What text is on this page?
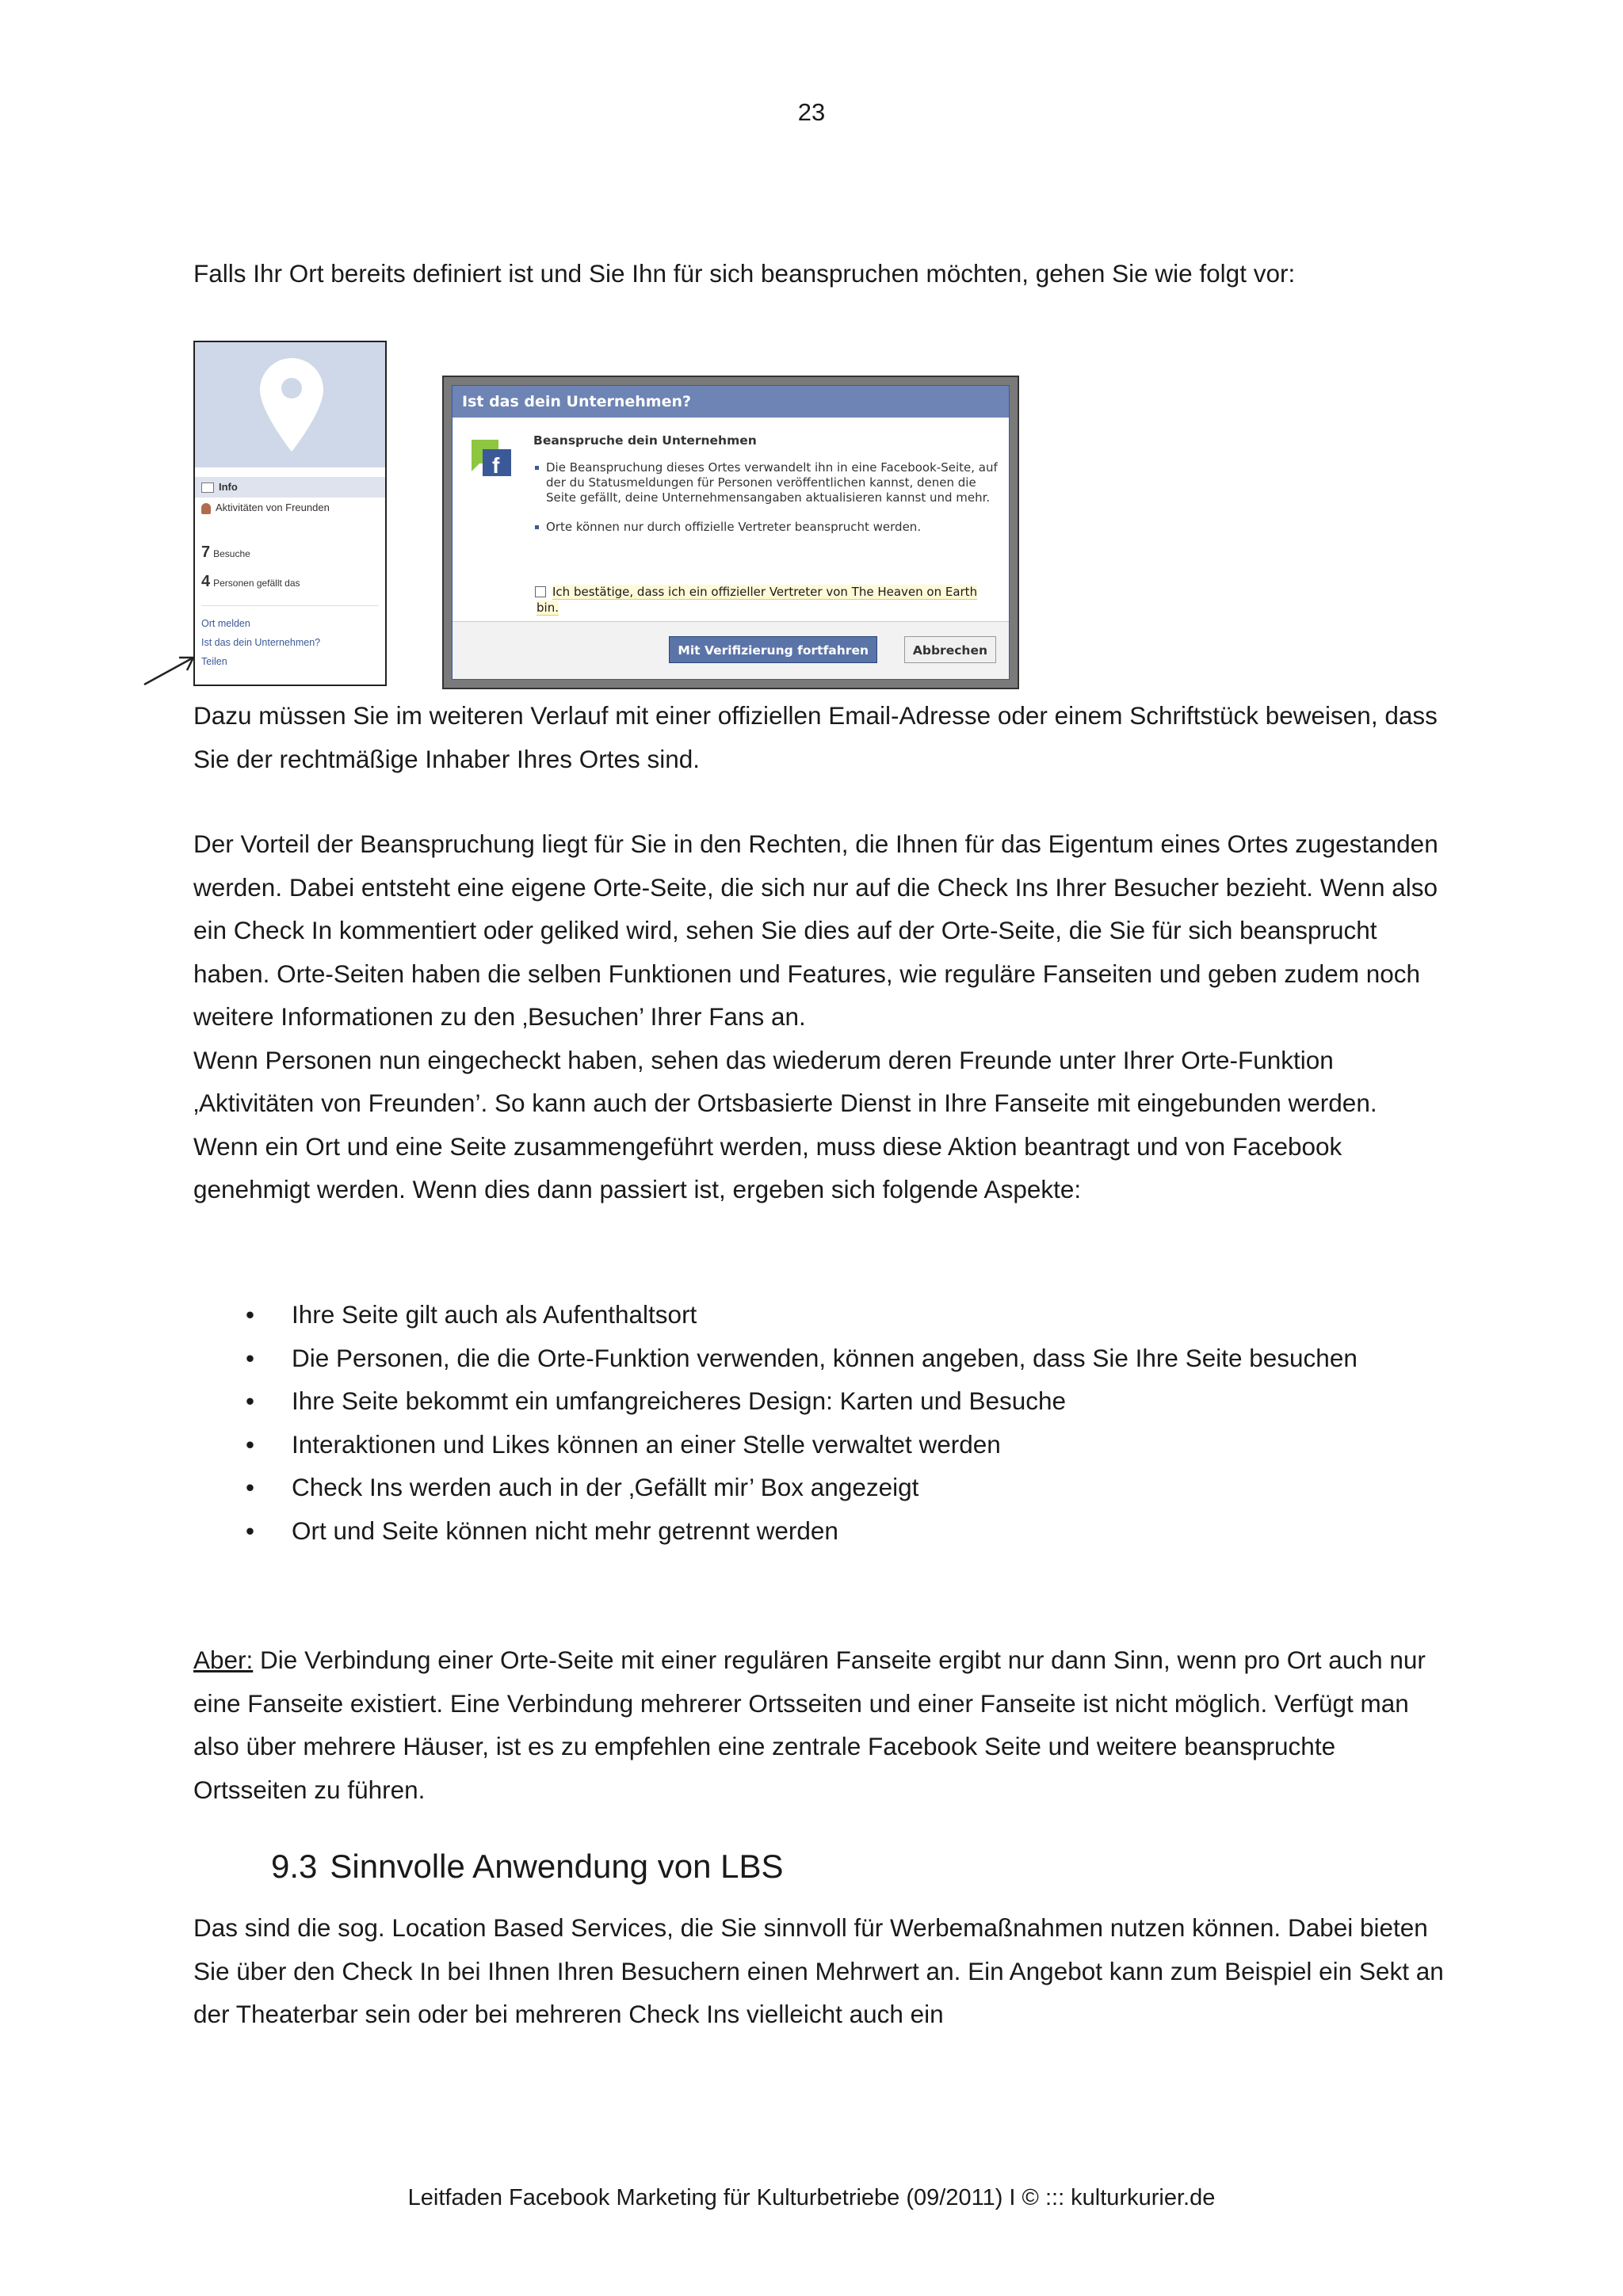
23

Falls Ihr Ort bereits definiert ist und Sie Ihn für sich beanspruchen möchten, gehen Sie wie folgt vor:

Info
Aktivitäten von Freunden
7 Besuche
4 Personen gefällt das
Ort melden
Ist das dein Unternehmen?
Teilen
Ist das dein Unternehmen?
f
Beanspruche dein Unternehmen
Die Beanspruchung dieses Ortes verwandelt ihn in eine Facebook-Seite, auf der du Statusmeldungen für Personen veröffentlichen kannst, denen die Seite gefällt, deine Unternehmensangaben aktualisieren kannst und mehr.
Orte können nur durch offizielle Vertreter beansprucht werden.
Ich bestätige, dass ich ein offizieller Vertreter von The Heaven on Earth bin.
Mit Verifizierung fortfahren	Abbrechen

Dazu müssen Sie im weiteren Verlauf mit einer offiziellen Email-Adresse oder einem Schriftstück beweisen, dass Sie der rechtmäßige Inhaber Ihres Ortes sind.

Der Vorteil der Beanspruchung liegt für Sie in den Rechten, die Ihnen für das Eigentum eines Ortes zugestanden werden. Dabei entsteht eine eigene Orte-Seite, die sich nur auf die Check Ins Ihrer Besucher bezieht. Wenn also ein Check In kommentiert oder geliked wird, sehen Sie dies auf der Orte-Seite, die Sie für sich beansprucht haben. Orte-Seiten haben die selben Funktionen und Features, wie reguläre Fanseiten und geben zudem noch weitere Informationen zu den ‚Besuchen’ Ihrer Fans an.
Wenn Personen nun eingecheckt haben, sehen das wiederum deren Freunde unter Ihrer Orte-Funktion ‚Aktivitäten von Freunden’. So kann auch der Ortsbasierte Dienst in Ihre Fanseite mit eingebunden werden. Wenn ein Ort und eine Seite zusammengeführt werden, muss diese Aktion beantragt und von Facebook genehmigt werden. Wenn dies dann passiert ist, ergeben sich folgende Aspekte:
• Ihre Seite gilt auch als Aufenthaltsort
• Die Personen, die die Orte-Funktion verwenden, können angeben, dass Sie Ihre Seite besuchen
• Ihre Seite bekommt ein umfangreicheres Design: Karten und Besuche
• Interaktionen und Likes können an einer Stelle verwaltet werden
• Check Ins werden auch in der ‚Gefällt mir’ Box angezeigt
• Ort und Seite können nicht mehr getrennt werden

Aber: Die Verbindung einer Orte-Seite mit einer regulären Fanseite ergibt nur dann Sinn, wenn pro Ort auch nur eine Fanseite existiert. Eine Verbindung mehrerer Ortsseiten und einer Fanseite ist nicht möglich. Verfügt man also über mehrere Häuser, ist es zu empfehlen eine zentrale Facebook Seite und weitere beanspruchte Ortsseiten zu führen.

9.3 Sinnvolle Anwendung von LBS

Das sind die sog. Location Based Services, die Sie sinnvoll für Werbemaßnahmen nutzen können. Dabei bieten Sie über den Check In bei Ihnen Ihren Besuchern einen Mehrwert an. Ein Angebot kann zum Beispiel ein Sekt an der Theaterbar sein oder bei mehreren Check Ins vielleicht auch ein

Leitfaden Facebook Marketing für Kulturbetriebe (09/2011) I © ::: kulturkurier.de
